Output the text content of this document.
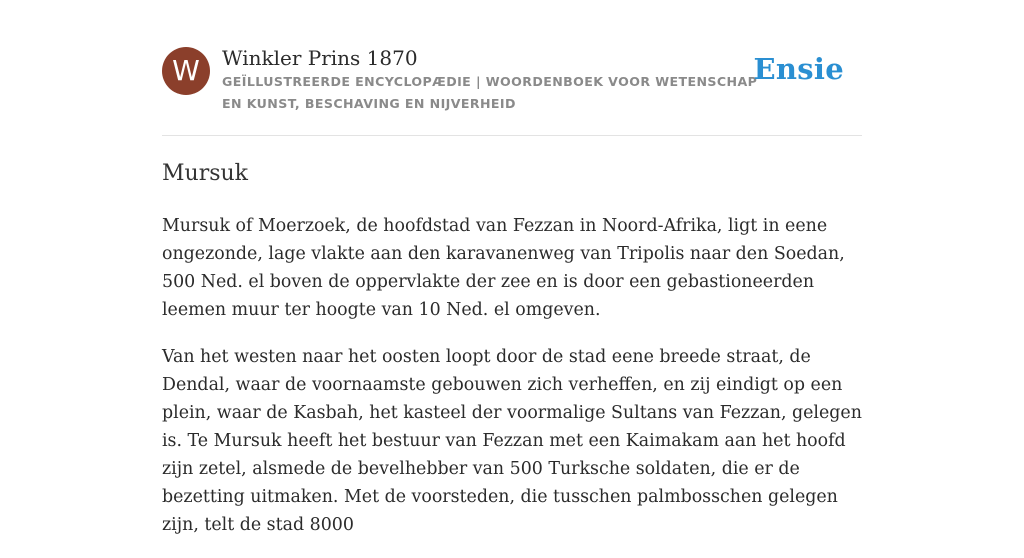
W	Winkler Prins 1870
GEÏLLUSTREERDE ENCYCLOPÆDIE | WOORDENBOEK VOOR WETENSCHAP EN KUNST, BESCHAVING EN NIJVERHEID
Ensie
Mursuk

Mursuk of Moerzoek, de hoofdstad van Fezzan in Noord-Afrika, ligt in eene ongezonde, lage vlakte aan den karavanenweg van Tripolis naar den Soedan, 500 Ned. el boven de oppervlakte der zee en is door een gebastioneerden leemen muur ter hoogte van 10 Ned. el omgeven.

Van het westen naar het oosten loopt door de stad eene breede straat, de Dendal, waar de voornaamste gebouwen zich verheffen, en zij eindigt op een plein, waar de Kasbah, het kasteel der voormalige Sultans van Fezzan, gelegen is. Te Mursuk heeft het bestuur van Fezzan met een Kaimakam aan het hoofd zijn zetel, alsmede de bevelhebber van 500 Turksche soldaten, die er de bezetting uitmaken. Met de voorsteden, die tusschen palmbosschen gelegen zijn, telt de stad 8000
